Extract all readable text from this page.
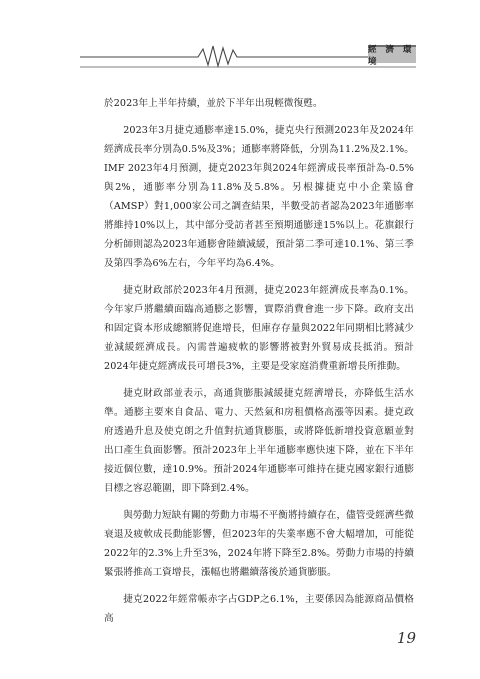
經 濟 環 境

於2023年上半年持續，並於下半年出現輕微復甦。

2023年3月捷克通膨率達15.0%，捷克央行預測2023年及2024年經濟成長率分別為0.5%及3%；通膨率將降低，分別為11.2%及2.1%。IMF 2023年4月預測，捷克2023年與2024年經濟成長率預計為-0.5%與2%，通膨率分別為11.8%及5.8%。另根據捷克中小企業協會（AMSP）對1,000家公司之調查結果，半數受訪者認為2023年通膨率將維持10%以上，其中部分受訪者甚至預期通膨達15%以上。花旗銀行分析師則認為2023年通膨會陸續減緩，預計第二季可達10.1%、第三季及第四季為6%左右，今年平均為6.4%。

捷克財政部於2023年4月預測，捷克2023年經濟成長率為0.1%。今年家戶將繼續面臨高通膨之影響，實際消費會進一步下降。政府支出和固定資本形成總額將促進增長，但庫存存量與2022年同期相比將減少並減緩經濟成長。內需普遍疲軟的影響將被對外貿易成長抵消。預計2024年捷克經濟成長可增長3%，主要是受家庭消費重新增長所推動。

捷克財政部並表示，高通貨膨脹減緩捷克經濟增長，亦降低生活水準。通膨主要來自食品、電力、天然氣和房租價格高漲等因素。捷克政府透過升息及使克朗之升值對抗通貨膨脹，或將降低新增投資意願並對出口產生負面影響。預計2023年上半年通膨率應快速下降，並在下半年接近個位數，達10.9%。預計2024年通膨率可維持在捷克國家銀行通膨目標之容忍範圍，即下降到2.4%。

與勞動力短缺有關的勞動力市場不平衡將持續存在，儘管受經濟些微衰退及疲軟成長動能影響，但2023年的失業率應不會大幅增加，可能從2022年的2.3%上升至3%，2024年將下降至2.8%。勞動力市場的持續緊張將推高工資增長，漲幅也將繼續落後於通貨膨脹。

捷克2022年經常帳赤字占GDP之6.1%，主要係因為能源商品價格高

19
